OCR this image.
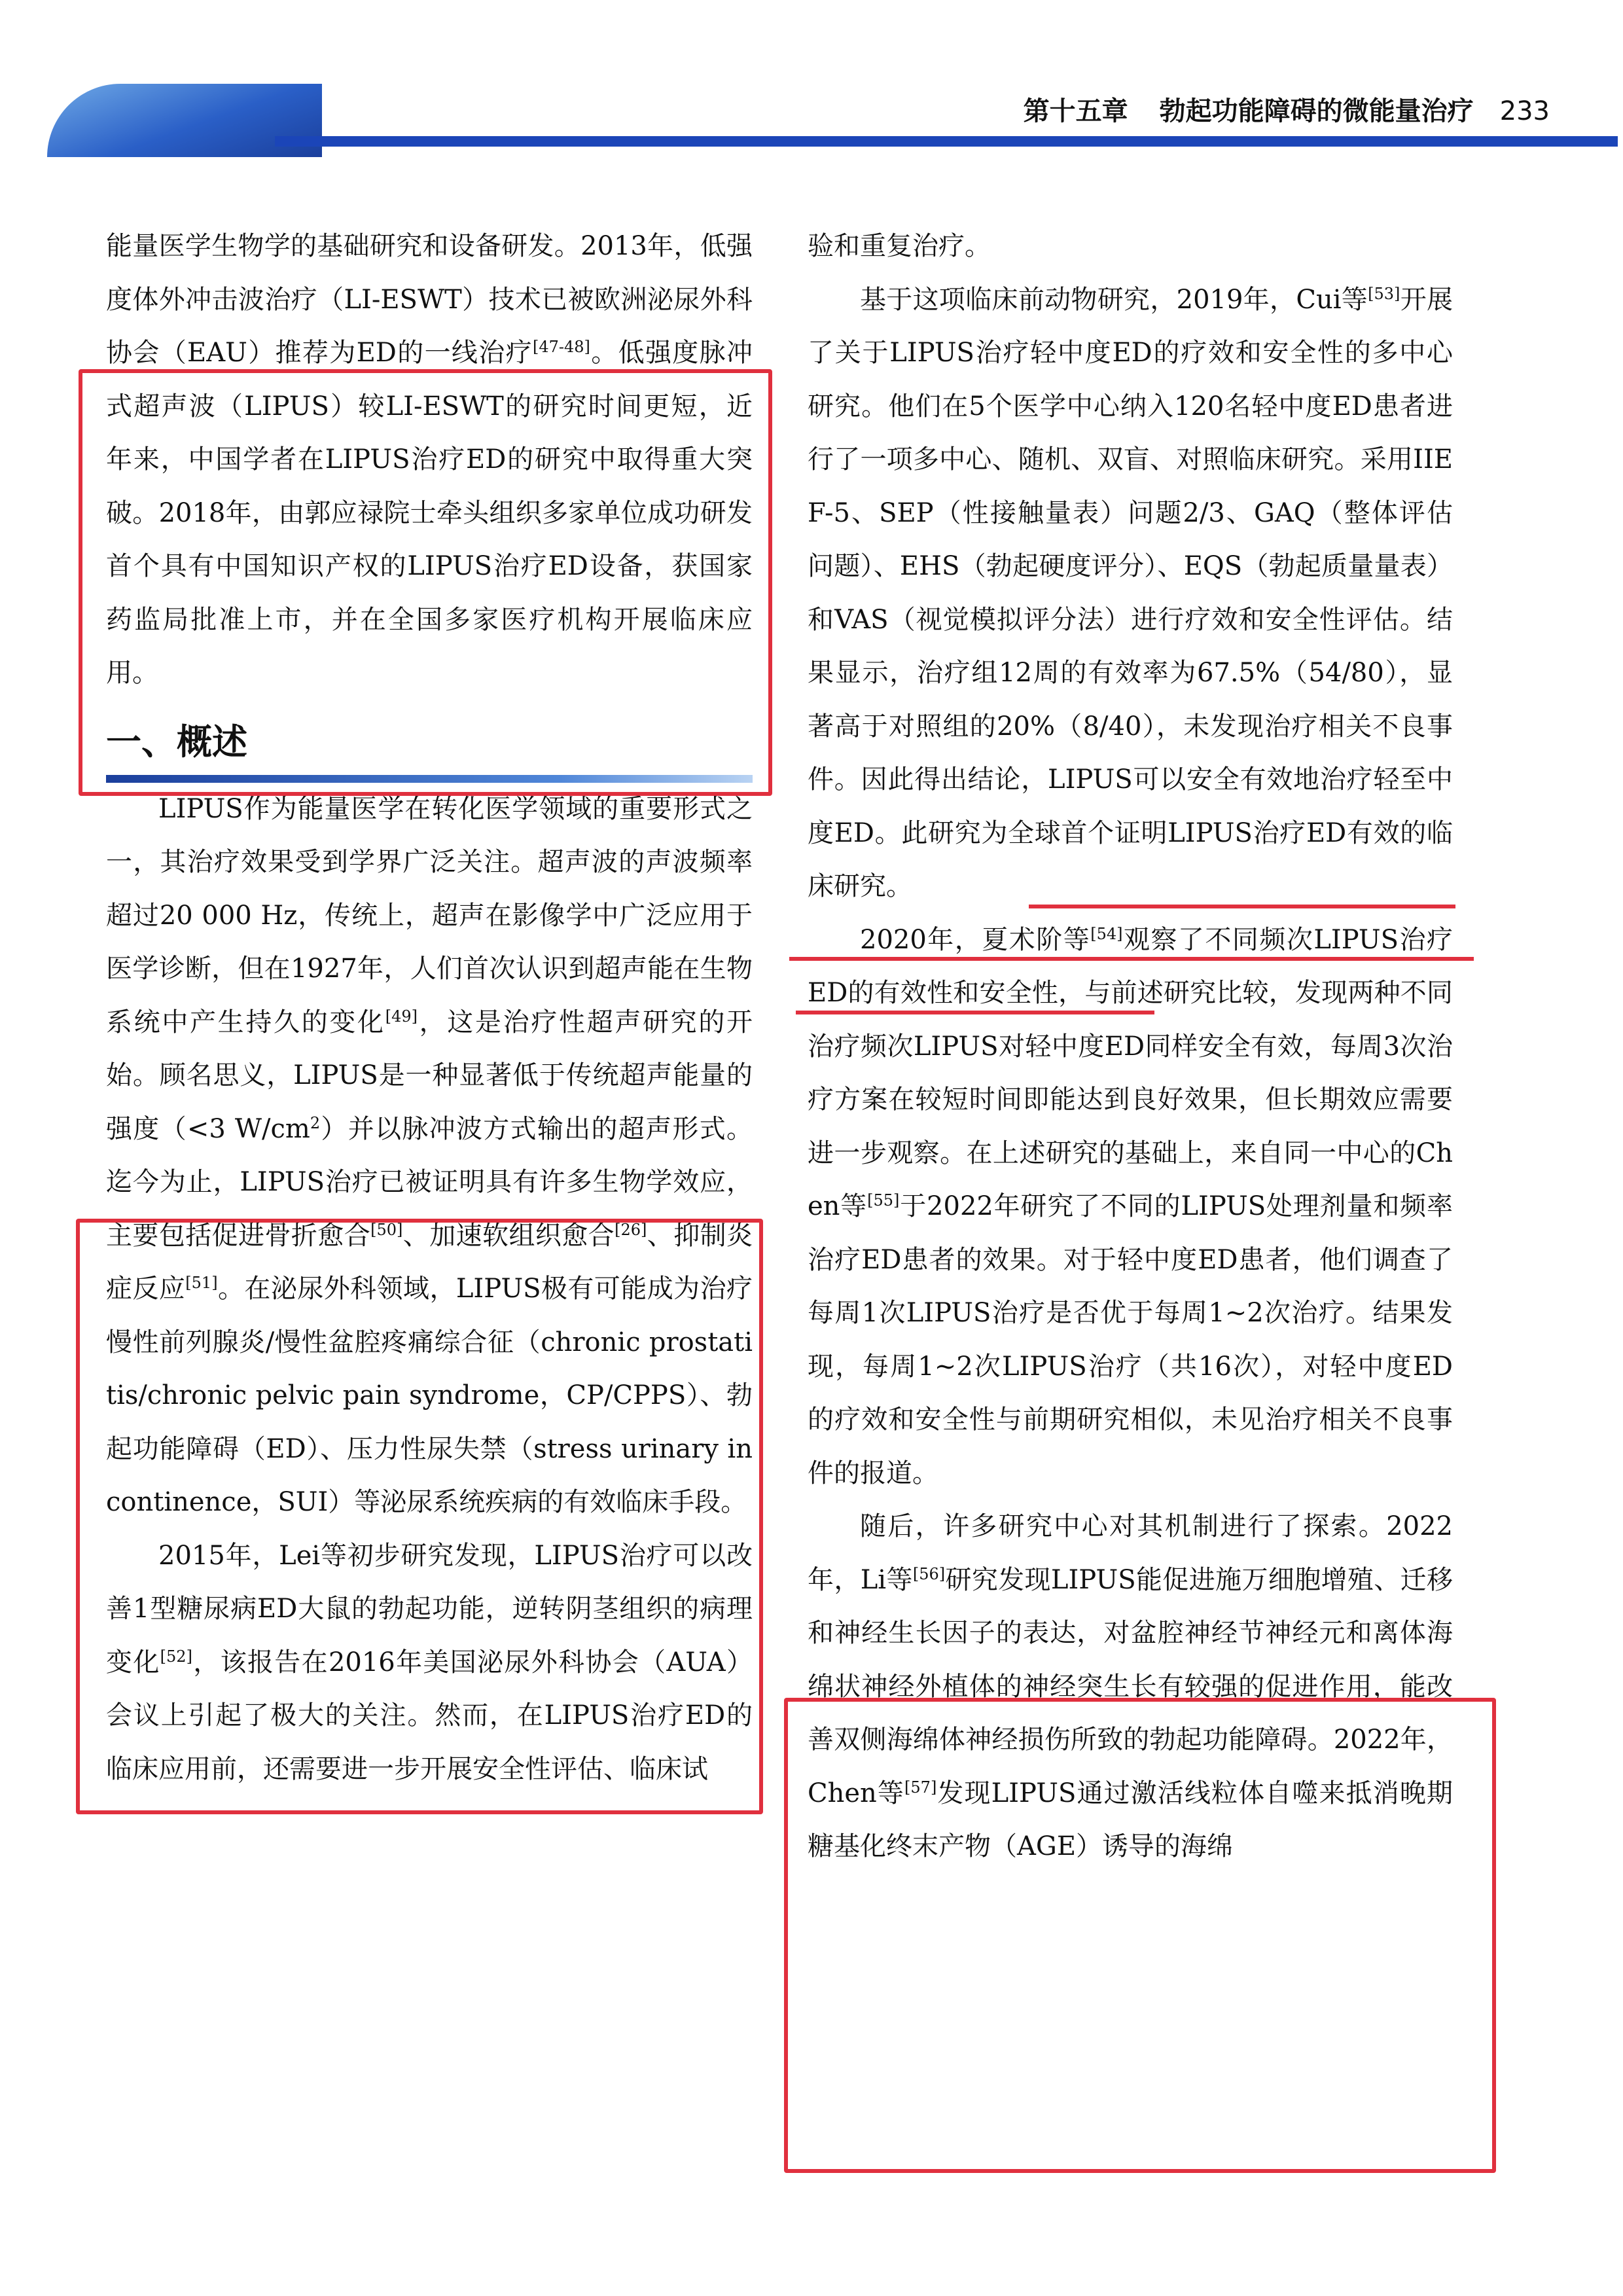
第十五章 勃起功能障碍的微能量治疗 233

能量医学生物学的基础研究和设备研发。2013年，低强度体外冲击波治疗（LI-ESWT）技术已被欧洲泌尿外科协会（EAU）推荐为ED的一线治疗[47-48]。低强度脉冲式超声波（LIPUS）较LI-ESWT的研究时间更短，近年来，中国学者在LIPUS治疗ED的研究中取得重大突破。2018年，由郭应禄院士牵头组织多家单位成功研发首个具有中国知识产权的LIPUS治疗ED设备，获国家药监局批准上市，并在全国多家医疗机构开展临床应用。

一、概述

LIPUS作为能量医学在转化医学领域的重要形式之一，其治疗效果受到学界广泛关注。超声波的声波频率超过20 000 Hz，传统上，超声在影像学中广泛应用于医学诊断，但在1927年，人们首次认识到超声能在生物系统中产生持久的变化[49]，这是治疗性超声研究的开始。顾名思义，LIPUS是一种显著低于传统超声能量的强度（<3 $W/cm^2$）并以脉冲波方式输出的超声形式。迄今为止，LIPUS治疗已被证明具有许多生物学效应，主要包括促进骨折愈合[50]、加速软组织愈合[26]、抑制炎症反应[51]。在泌尿外科领域，LIPUS极有可能成为治疗慢性前列腺炎/慢性盆腔疼痛综合征（chronic prostatitis/chronic pelvic pain syndrome，CP/CPPS）、勃起功能障碍（ED）、压力性尿失禁（stress urinary incontinence，SUI）等泌尿系统疾病的有效临床手段。

2015年，Lei等初步研究发现，LIPUS治疗可以改善1型糖尿病ED大鼠的勃起功能，逆转阴茎组织的病理变化[52]，该报告在2016年美国泌尿外科协会（AUA）会议上引起了极大的关注。然而，在LIPUS治疗ED的临床应用前，还需要进一步开展安全性评估、临床试

验和重复治疗。

基于这项临床前动物研究，2019年，Cui等[53]开展了关于LIPUS治疗轻中度ED的疗效和安全性的多中心研究。他们在5个医学中心纳入120名轻中度ED患者进行了一项多中心、随机、双盲、对照临床研究。采用IIEF-5、SEP（性接触量表）问题2/3、GAQ（整体评估问题）、EHS（勃起硬度评分）、EQS（勃起质量量表）和VAS（视觉模拟评分法）进行疗效和安全性评估。结果显示，治疗组12周的有效率为67.5%（54/80），显著高于对照组的20%（8/40），未发现治疗相关不良事件。因此得出结论，LIPUS可以安全有效地治疗轻至中度ED。此研究为全球首个证明LIPUS治疗ED有效的临床研究。

2020年，夏术阶等[54]观察了不同频次LIPUS治疗ED的有效性和安全性，与前述研究比较，发现两种不同治疗频次LIPUS对轻中度ED同样安全有效，每周3次治疗方案在较短时间即能达到良好效果，但长期效应需要进一步观察。在上述研究的基础上，来自同一中心的Chen等[55]于2022年研究了不同的LIPUS处理剂量和频率治疗ED患者的效果。对于轻中度ED患者，他们调查了每周1次LIPUS治疗是否优于每周1~2次治疗。结果发现，每周1~2次LIPUS治疗（共16次），对轻中度ED的疗效和安全性与前期研究相似，未见治疗相关不良事件的报道。

随后，许多研究中心对其机制进行了探索。2022年，Li等[56]研究发现LIPUS能促进施万细胞增殖、迁移和神经生长因子的表达，对盆腔神经节神经元和离体海绵状神经外植体的神经突生长有较强的促进作用，能改善双侧海绵体神经损伤所致的勃起功能障碍。2022年，Chen等[57]发现LIPUS通过激活线粒体自噬来抵消晚期糖基化终末产物（AGE）诱导的海绵
